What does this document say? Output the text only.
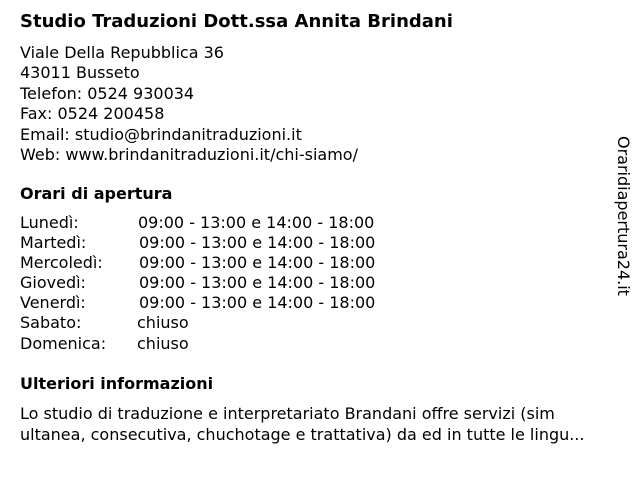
Studio Traduzioni Dott.ssa Annita Brindani
Viale Della Repubblica 36
43011 Busseto
Telefon: 0524 930034
Fax: 0524 200458
Email: studio@brindanitraduzioni.it
Web: www.brindanitraduzioni.it/chi-siamo/
Orari di apertura
Lunedì:	09:00 - 13:00 e 14:00 - 18:00
Martedì:	09:00 - 13:00 e 14:00 - 18:00
Mercoledì: 09:00 - 13:00 e 14:00 - 18:00
Giovedì:	09:00 - 13:00 e 14:00 - 18:00
Venerdì:	09:00 - 13:00 e 14:00 - 18:00
Sabato:	chiuso
Domenica: chiuso
Ulteriori informazioni
Lo studio di traduzione e interpretariato Brandani offre servizi (sim
ultanea, consecutiva, chuchotage e trattativa) da ed in tutte le lingu...
Oraridiapertura24.it
